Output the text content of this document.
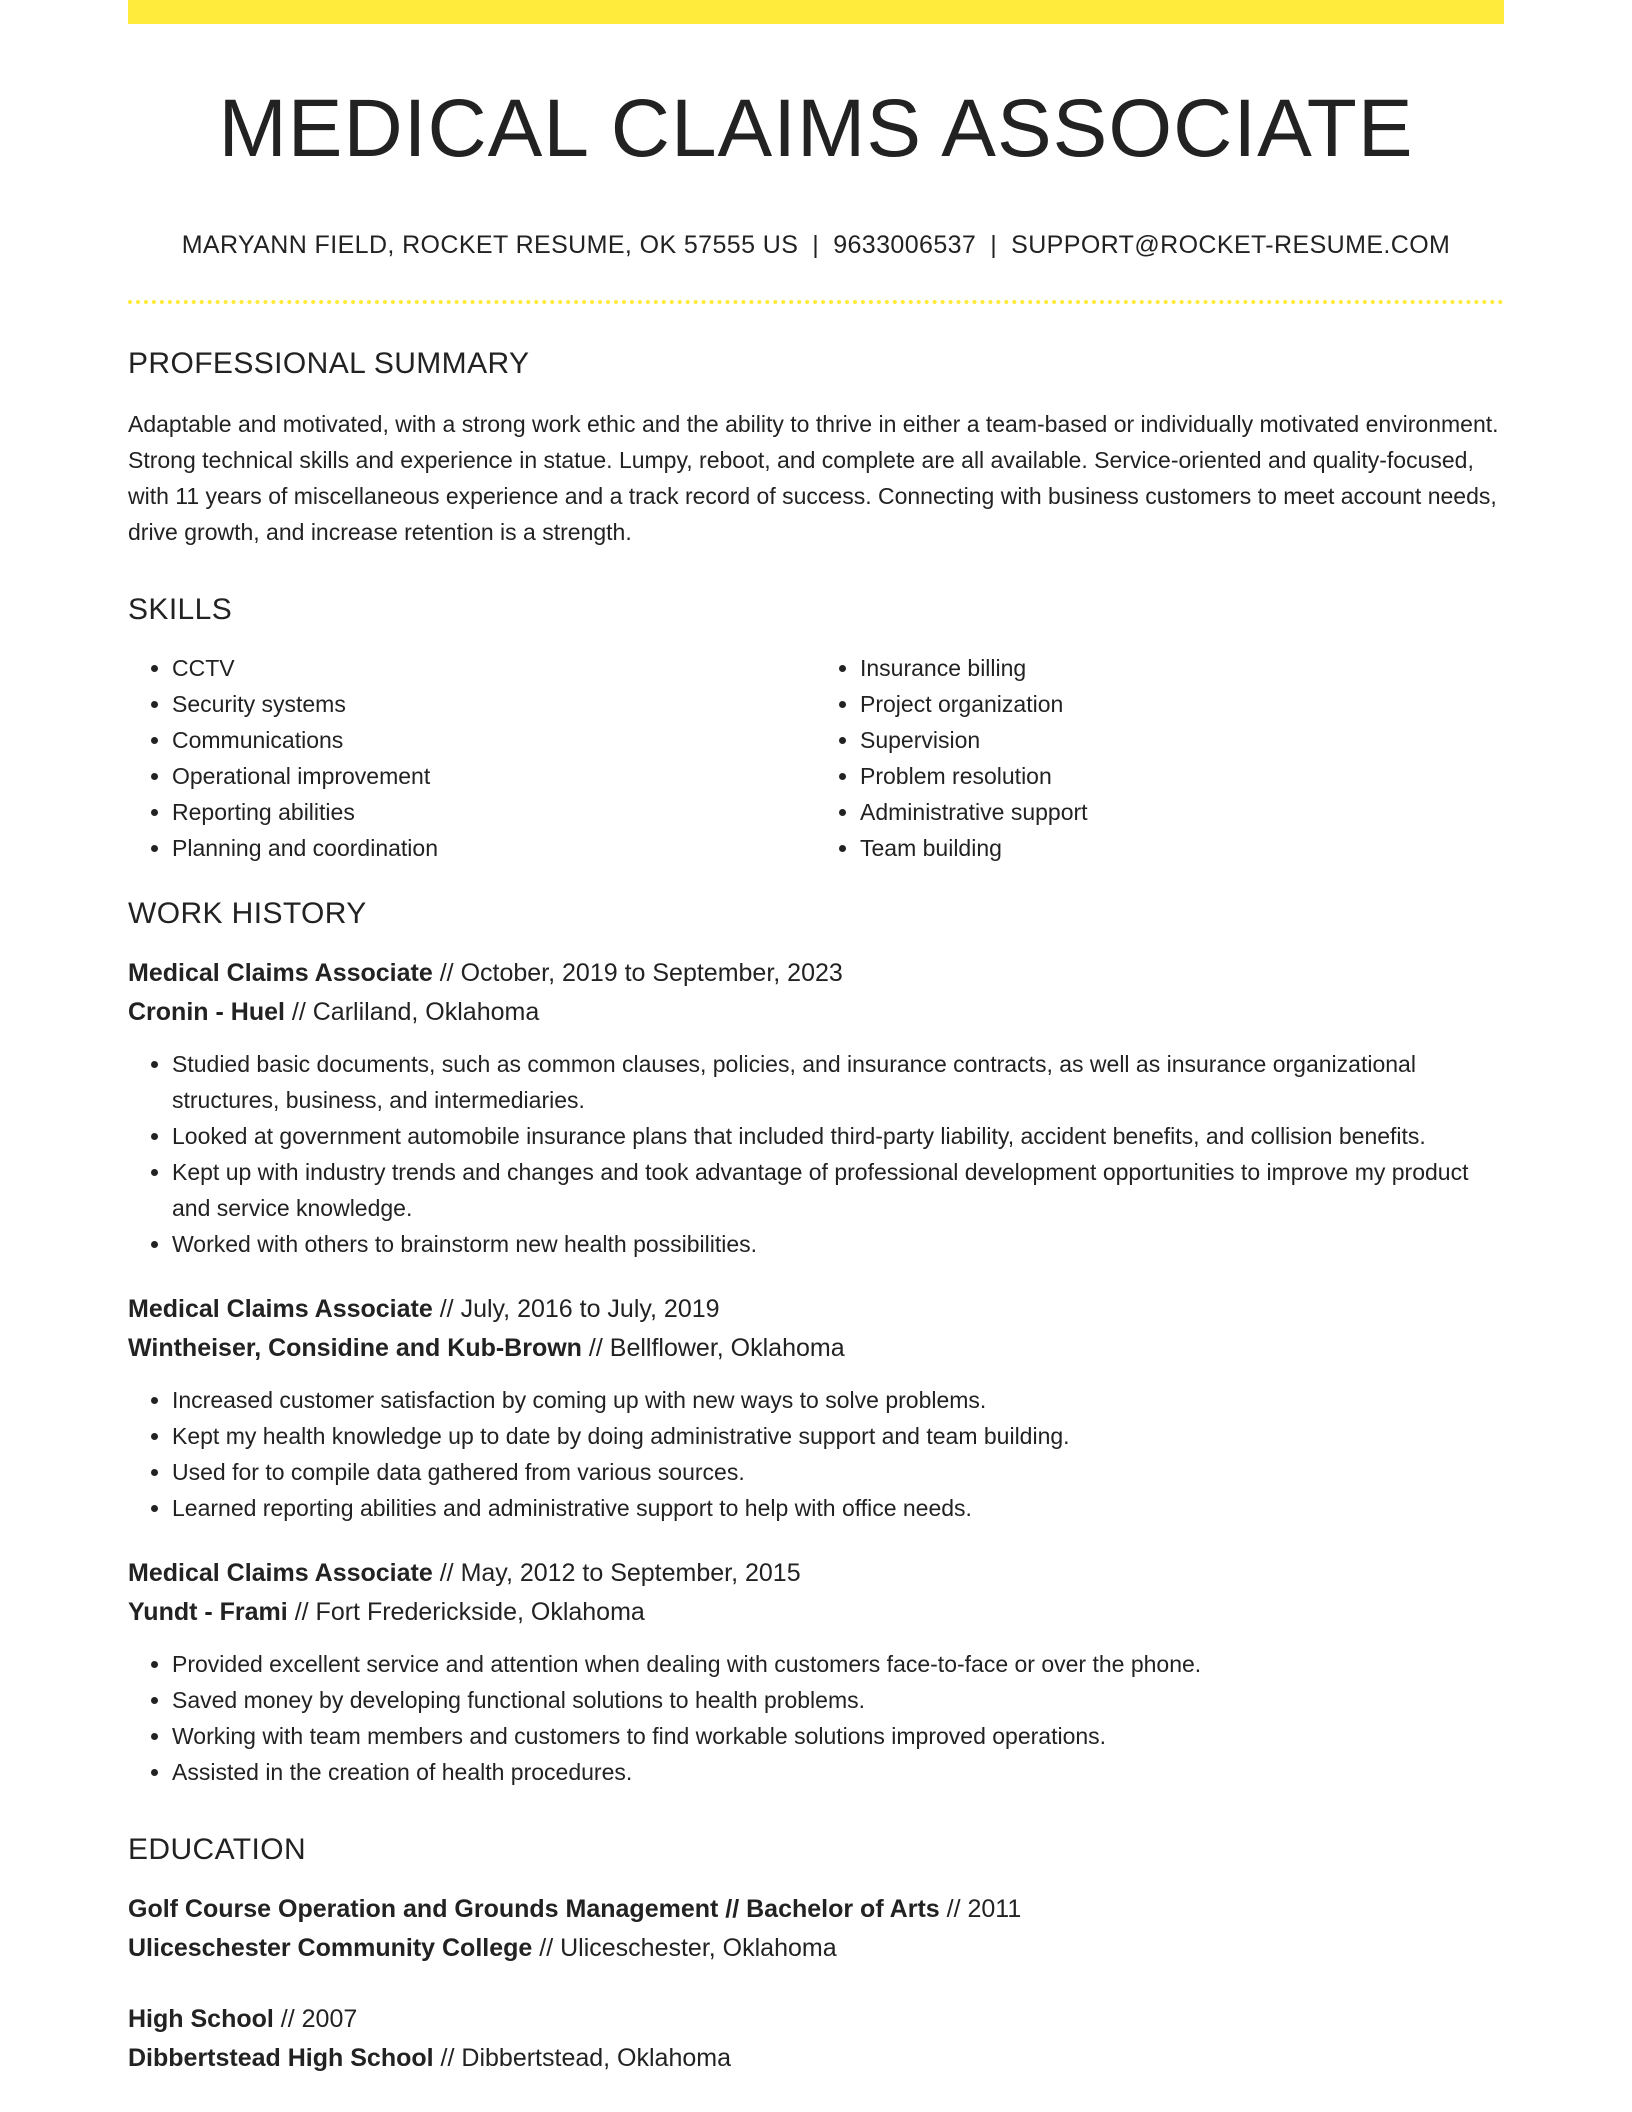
MEDICAL CLAIMS ASSOCIATE
MARYANN FIELD, ROCKET RESUME, OK 57555 US | 9633006537 | SUPPORT@ROCKET-RESUME.COM
PROFESSIONAL SUMMARY

Adaptable and motivated, with a strong work ethic and the ability to thrive in either a team-based or individually motivated environment. Strong technical skills and experience in statue. Lumpy, reboot, and complete are all available. Service-oriented and quality-focused, with 11 years of miscellaneous experience and a track record of success. Connecting with business customers to meet account needs, drive growth, and increase retention is a strength.

SKILLS
• CCTV
• Security systems
• Communications
• Operational improvement
• Reporting abilities
• Planning and coordination
• Insurance billing
• Project organization
• Supervision
• Problem resolution
• Administrative support
• Team building
WORK HISTORY
Medical Claims Associate // October, 2019 to September, 2023
Cronin - Huel // Carliland, Oklahoma
• Studied basic documents, such as common clauses, policies, and insurance contracts, as well as insurance organizational structures, business, and intermediaries.
• Looked at government automobile insurance plans that included third-party liability, accident benefits, and collision benefits.
• Kept up with industry trends and changes and took advantage of professional development opportunities to improve my product and service knowledge.
• Worked with others to brainstorm new health possibilities.
Medical Claims Associate // July, 2016 to July, 2019
Wintheiser, Considine and Kub-Brown // Bellflower, Oklahoma
• Increased customer satisfaction by coming up with new ways to solve problems.
• Kept my health knowledge up to date by doing administrative support and team building.
• Used for to compile data gathered from various sources.
• Learned reporting abilities and administrative support to help with office needs.
Medical Claims Associate // May, 2012 to September, 2015
Yundt - Frami // Fort Frederickside, Oklahoma
• Provided excellent service and attention when dealing with customers face-to-face or over the phone.
• Saved money by developing functional solutions to health problems.
• Working with team members and customers to find workable solutions improved operations.
• Assisted in the creation of health procedures.
EDUCATION
Golf Course Operation and Grounds Management // Bachelor of Arts // 2011
Uliceschester Community College // Uliceschester, Oklahoma
High School // 2007
Dibbertstead High School // Dibbertstead, Oklahoma
